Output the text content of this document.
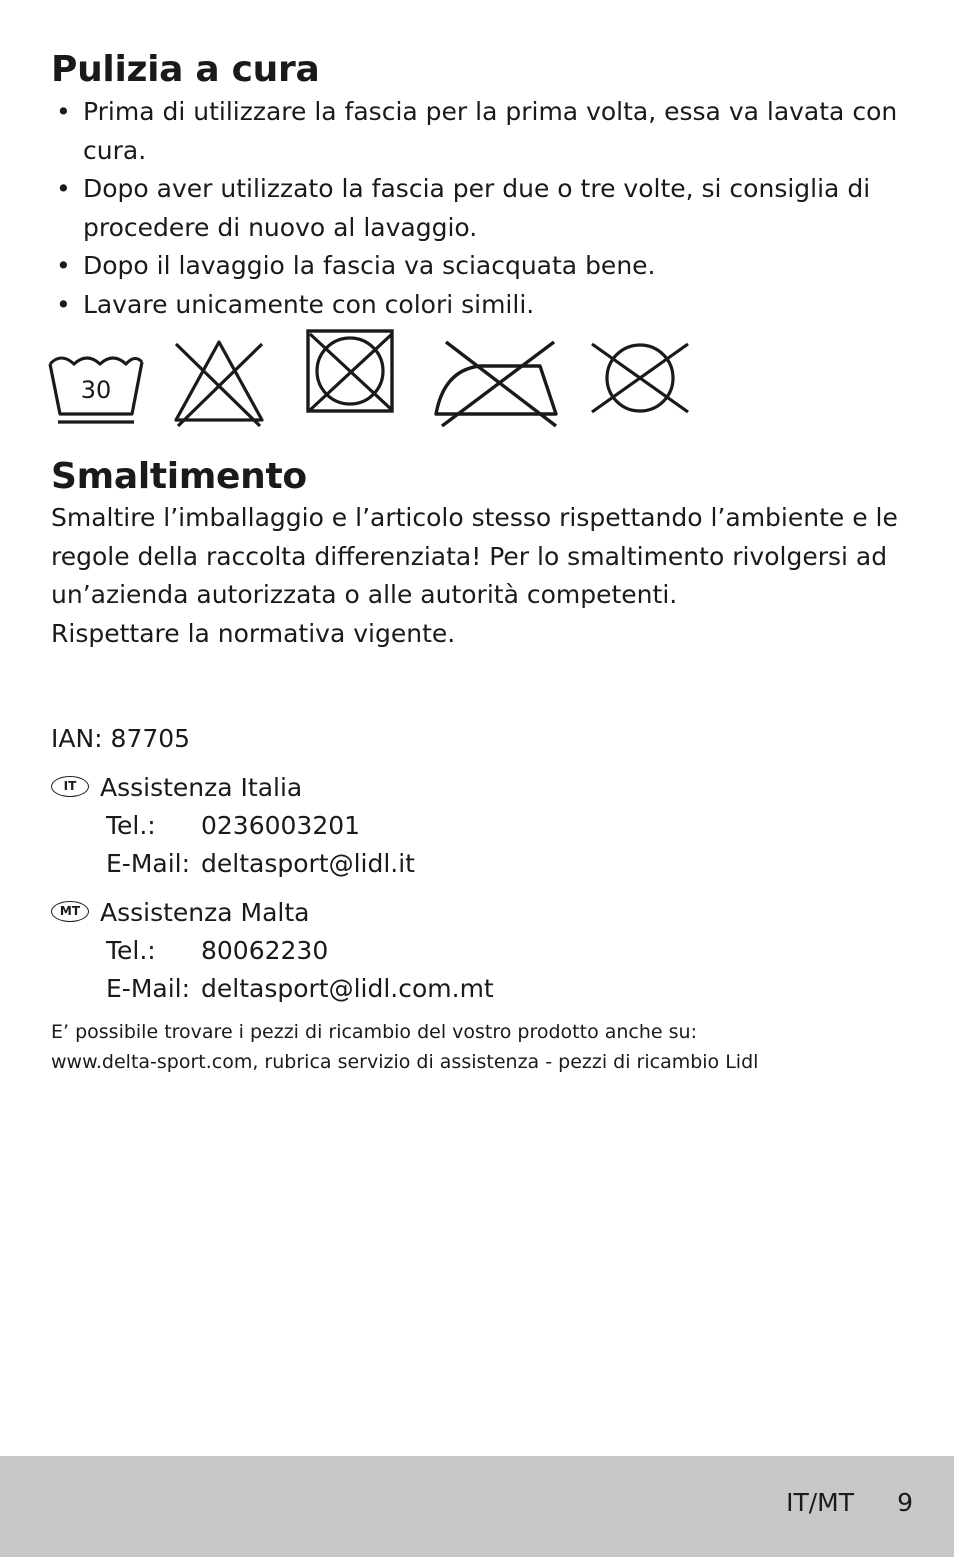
Pulizia a cura
• Prima di utilizzare la fascia per la prima volta, essa va lavata con cura.
• Dopo aver utilizzato la fascia per due o tre volte, si consiglia di procedere di nuovo al lavaggio.
• Dopo il lavaggio la fascia va sciacquata bene.
• Lavare unicamente con colori simili.
30
Smaltimento

Smaltire l’imballaggio e l’articolo stesso rispettando l’ambiente e le regole della raccolta differenziata! Per lo smaltimento rivolgersi ad un’azienda autorizzata o alle autorità competenti.

Rispettare la normativa vigente.

IAN: 87705
IT Assistenza Italia
Tel.:	0236003201
E-Mail: deltasport@lidl.it
MT Assistenza Malta
Tel.:	80062230
E-Mail: deltasport@lidl.com.mt

E’ possibile trovare i pezzi di ricambio del vostro prodotto anche su:

www.delta-sport.com, rubrica servizio di assistenza - pezzi di ricambio Lidl

IT/MT 9
